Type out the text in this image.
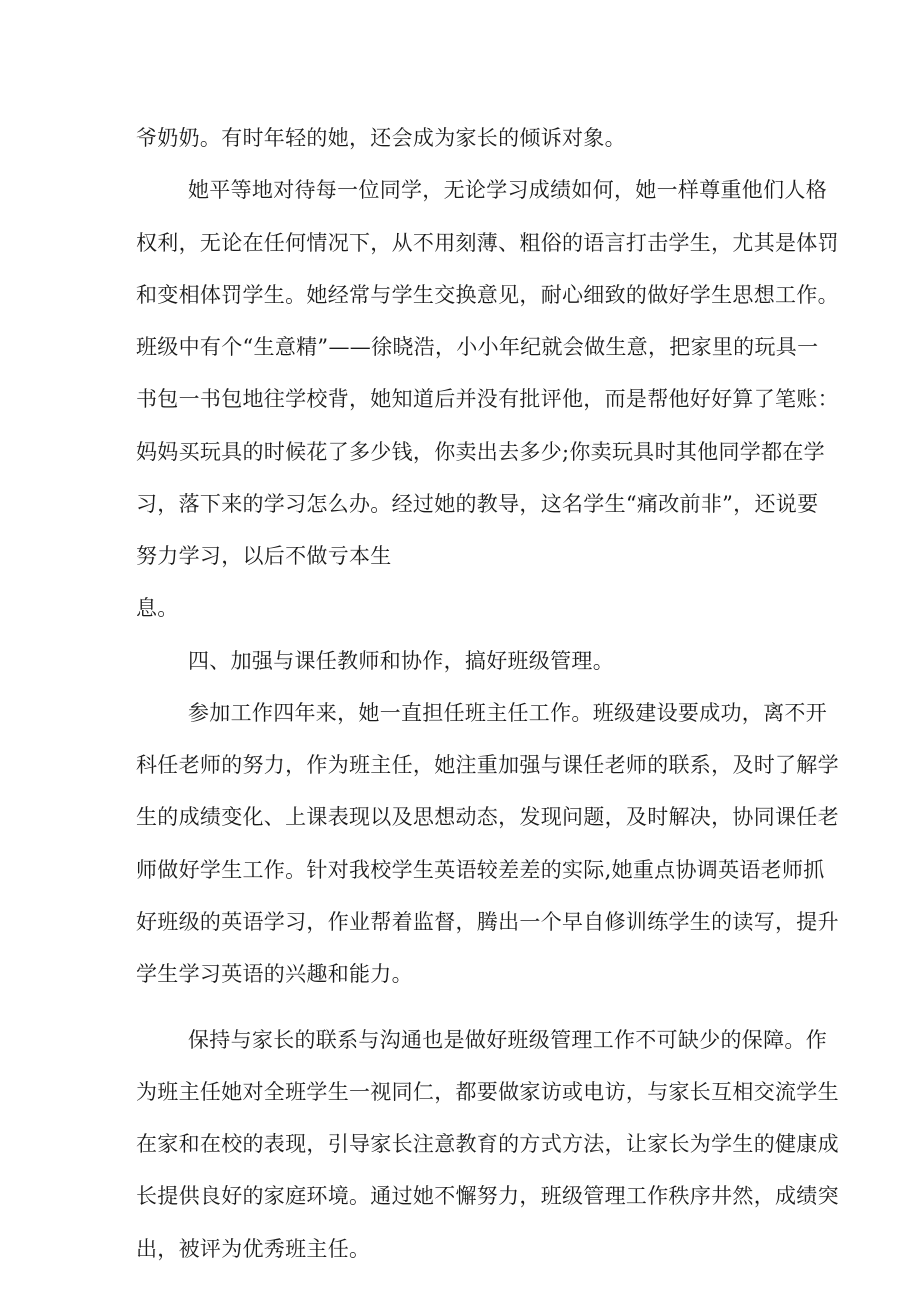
爷奶奶。有时年轻的她，还会成为家长的倾诉对象。

她平等地对待每一位同学，无论学习成绩如何，她一样尊重他们人格

权利，无论在任何情况下，从不用刻薄、粗俗的语言打击学生，尤其是体罚

和变相体罚学生。她经常与学生交换意见，耐心细致的做好学生思想工作。

班级中有个“生意精”——徐晓浩，小小年纪就会做生意，把家里的玩具一

书包一书包地往学校背，她知道后并没有批评他，而是帮他好好算了笔账：

妈妈买玩具的时候花了多少钱，你卖出去多少;你卖玩具时其他同学都在学

习，落下来的学习怎么办。经过她的教导，这名学生“痛改前非”，还说要

努力学习，以后不做亏本生

息。

四、加强与课任教师和协作，搞好班级管理。

参加工作四年来，她一直担任班主任工作。班级建设要成功，离不开

科任老师的努力，作为班主任，她注重加强与课任老师的联系，及时了解学

生的成绩变化、上课表现以及思想动态，发现问题，及时解决，协同课任老

师做好学生工作。针对我校学生英语较差差的实际,她重点协调英语老师抓

好班级的英语学习，作业帮着监督，腾出一个早自修训练学生的读写，提升

学生学习英语的兴趣和能力。

保持与家长的联系与沟通也是做好班级管理工作不可缺少的保障。作

为班主任她对全班学生一视同仁，都要做家访或电访，与家长互相交流学生

在家和在校的表现，引导家长注意教育的方式方法，让家长为学生的健康成

长提供良好的家庭环境。通过她不懈努力，班级管理工作秩序井然，成绩突

出，被评为优秀班主任。
